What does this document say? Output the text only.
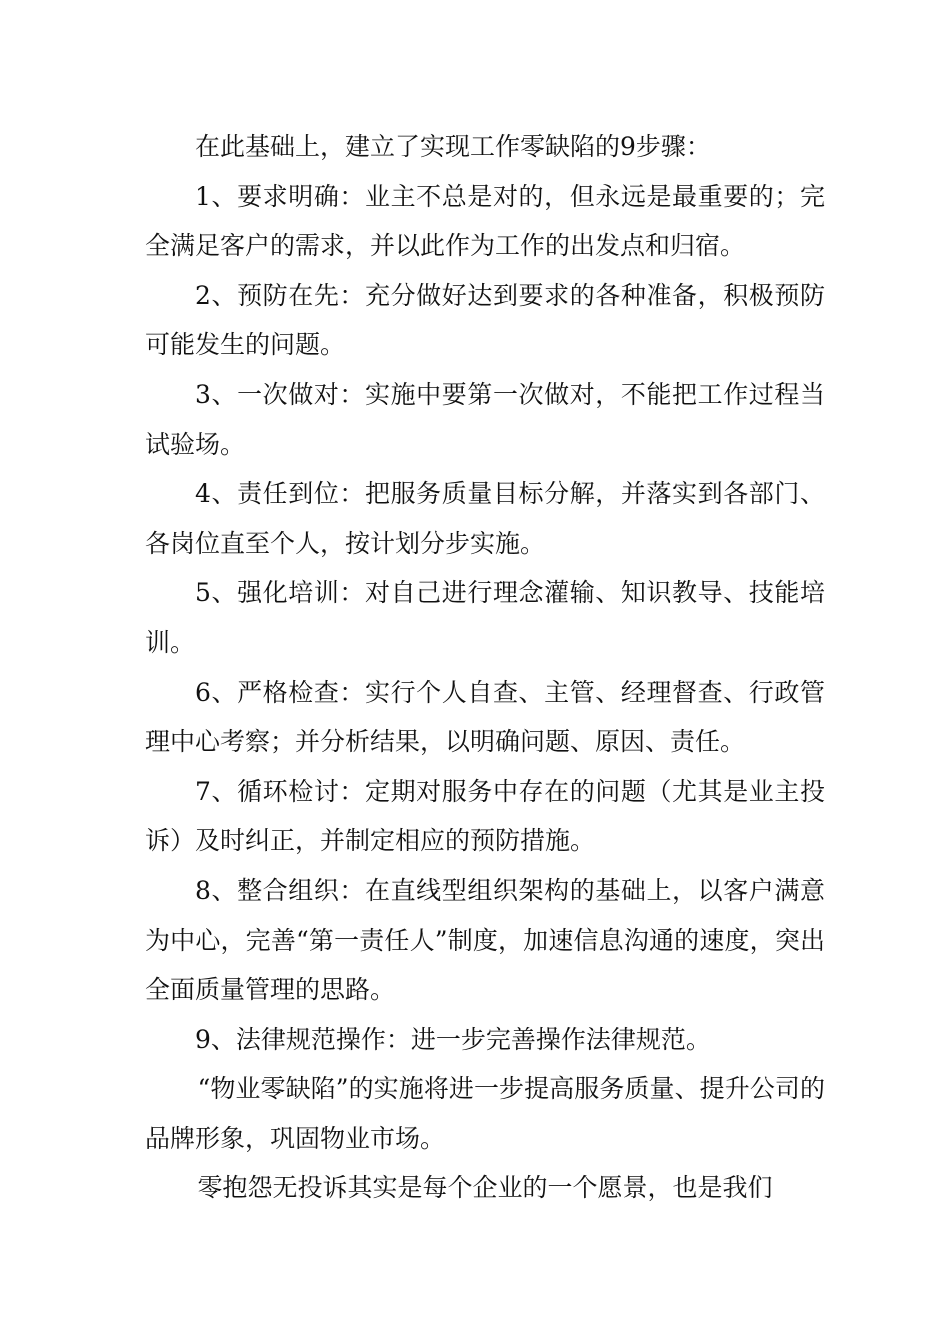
在此基础上，建立了实现工作零缺陷的9步骤：

1、要求明确：业主不总是对的，但永远是最重要的；完全满足客户的需求，并以此作为工作的出发点和归宿。

2、预防在先：充分做好达到要求的各种准备，积极预防可能发生的问题。

3、一次做对：实施中要第一次做对，不能把工作过程当试验场。

4、责任到位：把服务质量目标分解，并落实到各部门、各岗位直至个人，按计划分步实施。

5、强化培训：对自己进行理念灌输、知识教导、技能培训。

6、严格检查：实行个人自查、主管、经理督查、行政管理中心考察；并分析结果，以明确问题、原因、责任。

7、循环检讨：定期对服务中存在的问题（尤其是业主投诉）及时纠正，并制定相应的预防措施。

8、整合组织：在直线型组织架构的基础上，以客户满意为中心，完善“第一责任人”制度，加速信息沟通的速度，突出全面质量管理的思路。

9、法律规范操作：进一步完善操作法律规范。

“物业零缺陷”的实施将进一步提高服务质量、提升公司的品牌形象，巩固物业市场。

零抱怨无投诉其实是每个企业的一个愿景，也是我们
